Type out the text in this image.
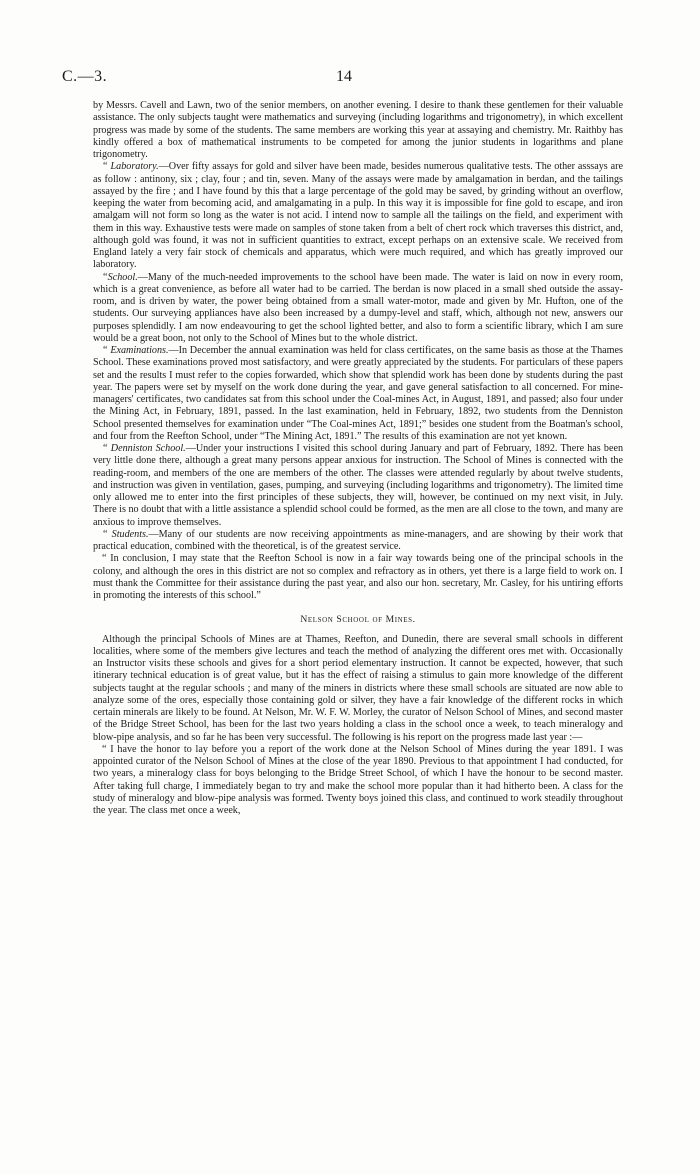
C.—3.	14

by Messrs. Cavell and Lawn, two of the senior members, on another evening. I desire to thank these gentlemen for their valuable assistance. The only subjects taught were mathematics and surveying (including logarithms and trigonometry), in which excellent progress was made by some of the students. The same members are working this year at assaying and chemistry. Mr. Raithby has kindly offered a box of mathematical instruments to be competed for among the junior students in logarithms and plane trigonometry.

“ Laboratory.—Over fifty assays for gold and silver have been made, besides numerous qualitative tests. The other asssays are as follow : antinony, six ; clay, four ; and tin, seven. Many of the assays were made by amalgamation in berdan, and the tailings assayed by the fire ; and I have found by this that a large percentage of the gold may be saved, by grinding without an overflow, keeping the water from becoming acid, and amalgamating in a pulp. In this way it is impossible for fine gold to escape, and iron amalgam will not form so long as the water is not acid. I intend now to sample all the tailings on the field, and experiment with them in this way. Exhaustive tests were made on samples of stone taken from a belt of chert rock which traverses this district, and, although gold was found, it was not in sufficient quantities to extract, except perhaps on an extensive scale. We received from England lately a very fair stock of chemicals and apparatus, which were much required, and which has greatly improved our laboratory.

“School.—Many of the much-needed improvements to the school have been made. The water is laid on now in every room, which is a great convenience, as before all water had to be carried. The berdan is now placed in a small shed outside the assay-room, and is driven by water, the power being obtained from a small water-motor, made and given by Mr. Hufton, one of the students. Our surveying appliances have also been increased by a dumpy-level and staff, which, although not new, answers our purposes splendidly. I am now endeavouring to get the school lighted better, and also to form a scientific library, which I am sure would be a great boon, not only to the School of Mines but to the whole district.

“ Examinations.—In December the annual examination was held for class certificates, on the same basis as those at the Thames School. These examinations proved most satisfactory, and were greatly appreciated by the students. For particulars of these papers set and the results I must refer to the copies forwarded, which show that splendid work has been done by students during the past year. The papers were set by myself on the work done during the year, and gave general satisfaction to all concerned. For mine-managers' certificates, two candidates sat from this school under the Coal-mines Act, in August, 1891, and passed; also four under the Mining Act, in February, 1891, passed. In the last examination, held in February, 1892, two students from the Denniston School presented themselves for examination under “The Coal-mines Act, 1891;” besides one student from the Boatman's school, and four from the Reefton School, under “The Mining Act, 1891.” The results of this examination are not yet known.

“ Denniston School.—Under your instructions I visited this school during January and part of February, 1892. There has been very little done there, although a great many persons appear anxious for instruction. The School of Mines is connected with the reading-room, and members of the one are members of the other. The classes were attended regularly by about twelve students, and instruction was given in ventilation, gases, pumping, and surveying (including logarithms and trigonometry). The limited time only allowed me to enter into the first principles of these subjects, they will, however, be continued on my next visit, in July. There is no doubt that with a little assistance a splendid school could be formed, as the men are all close to the town, and many are anxious to improve themselves.

“ Students.—Many of our students are now receiving appointments as mine-managers, and are showing by their work that practical education, combined with the theoretical, is of the greatest service.

“ In conclusion, I may state that the Reefton School is now in a fair way towards being one of the principal schools in the colony, and although the ores in this district are not so complex and refractory as in others, yet there is a large field to work on. I must thank the Committee for their assistance during the past year, and also our hon. secretary, Mr. Casley, for his untiring efforts in promoting the interests of this school.”

Nelson School of Mines.

Although the principal Schools of Mines are at Thames, Reefton, and Dunedin, there are several small schools in different localities, where some of the members give lectures and teach the method of analyzing the different ores met with. Occasionally an Instructor visits these schools and gives for a short period elementary instruction. It cannot be expected, however, that such itinerary technical education is of great value, but it has the effect of raising a stimulus to gain more knowledge of the different subjects taught at the regular schools ; and many of the miners in districts where these small schools are situated are now able to analyze some of the ores, especially those containing gold or silver, they have a fair knowledge of the different rocks in which certain minerals are likely to be found. At Nelson, Mr. W. F. W. Morley, the curator of Nelson School of Mines, and second master of the Bridge Street School, has been for the last two years holding a class in the school once a week, to teach mineralogy and blow-pipe analysis, and so far he has been very successful. The following is his report on the progress made last year :—

“ I have the honor to lay before you a report of the work done at the Nelson School of Mines during the year 1891. I was appointed curator of the Nelson School of Mines at the close of the year 1890. Previous to that appointment I had conducted, for two years, a mineralogy class for boys belonging to the Bridge Street School, of which I have the honour to be second master. After taking full charge, I immediately began to try and make the school more popular than it had hitherto been. A class for the study of mineralogy and blow-pipe analysis was formed. Twenty boys joined this class, and continued to work steadily throughout the year. The class met once a week,
